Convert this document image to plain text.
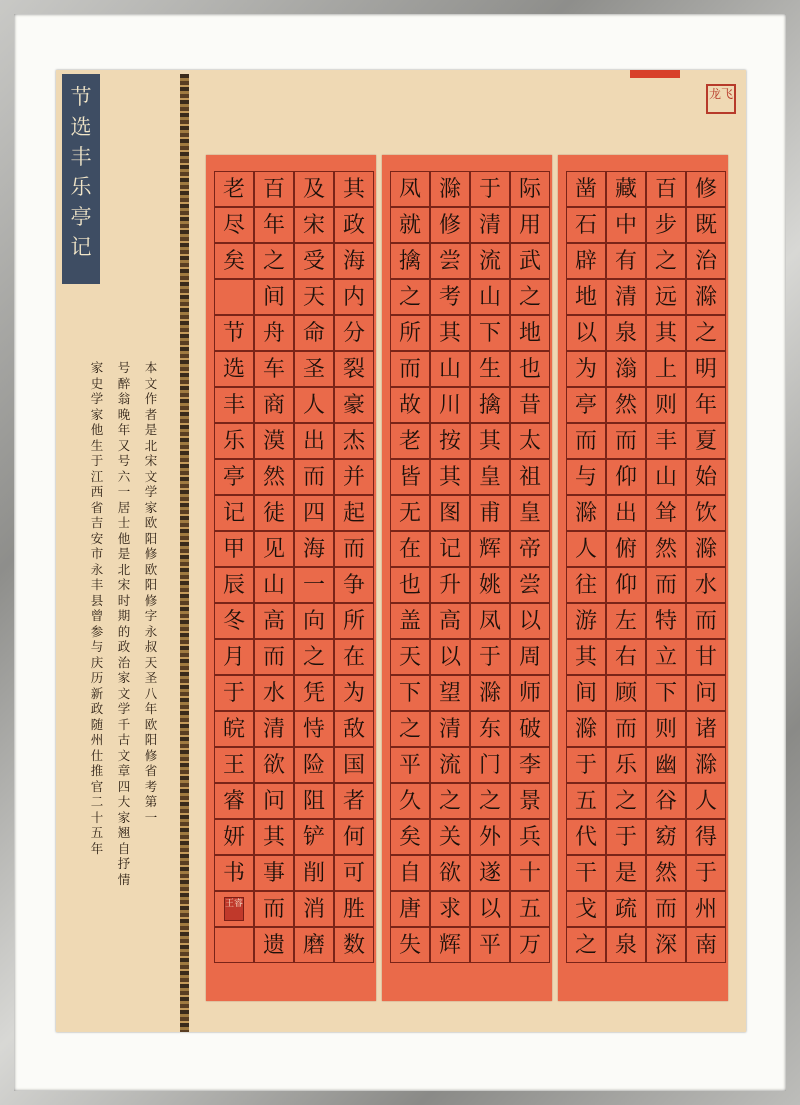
节选丰乐亭记
本文作者是北宋文学家欧阳修欧阳修字永叔天圣八年欧阳修省考第一
号醉翁晚年又号六一居士他是北宋时期的政治家文学千古文章四大家翘自抒情
家史学家他生于江西省吉安市永丰县曾参与庆历新政随州仕推官二十五年
龙飞
修
既
治
滁
之
明
年
夏
始
饮
滁
水
而
甘
问
诸
滁
人
得
于
州
南
百
步
之
远
其
上
则
丰
山
耸
然
而
特
立
下
则
幽
谷
窈
然
而
深
藏
中
有
清
泉
滃
然
而
仰
出
俯
仰
左
右
顾
而
乐
之
于
是
疏
泉
凿
石
辟
地
以
为
亭
而
与
滁
人
往
游
其
间
滁
于
五
代
干
戈
之
际
用
武
之
地
也
昔
太
祖
皇
帝
尝
以
周
师
破
李
景
兵
十
五
万
于
清
流
山
下
生
擒
其
皇
甫
辉
姚
凤
于
滁
东
门
之
外
遂
以
平
滁
修
尝
考
其
山
川
按
其
图
记
升
高
以
望
清
流
之
关
欲
求
辉
凤
就
擒
之
所
而
故
老
皆
无
在
也
盖
天
下
之
平
久
矣
自
唐
失
其
政
海
内
分
裂
豪
杰
并
起
而
争
所
在
为
敌
国
者
何
可
胜
数
及
宋
受
天
命
圣
人
出
而
四
海
一
向
之
凭
恃
险
阻
铲
削
消
磨
百
年
之
间
舟
车
商
漠
然
徒
见
山
高
而
水
清
欲
问
其
事
而
遗
老
尽
矣
节
选
丰
乐
亭
记
甲
辰
冬
月
于
皖
王
睿
妍
书
王睿
